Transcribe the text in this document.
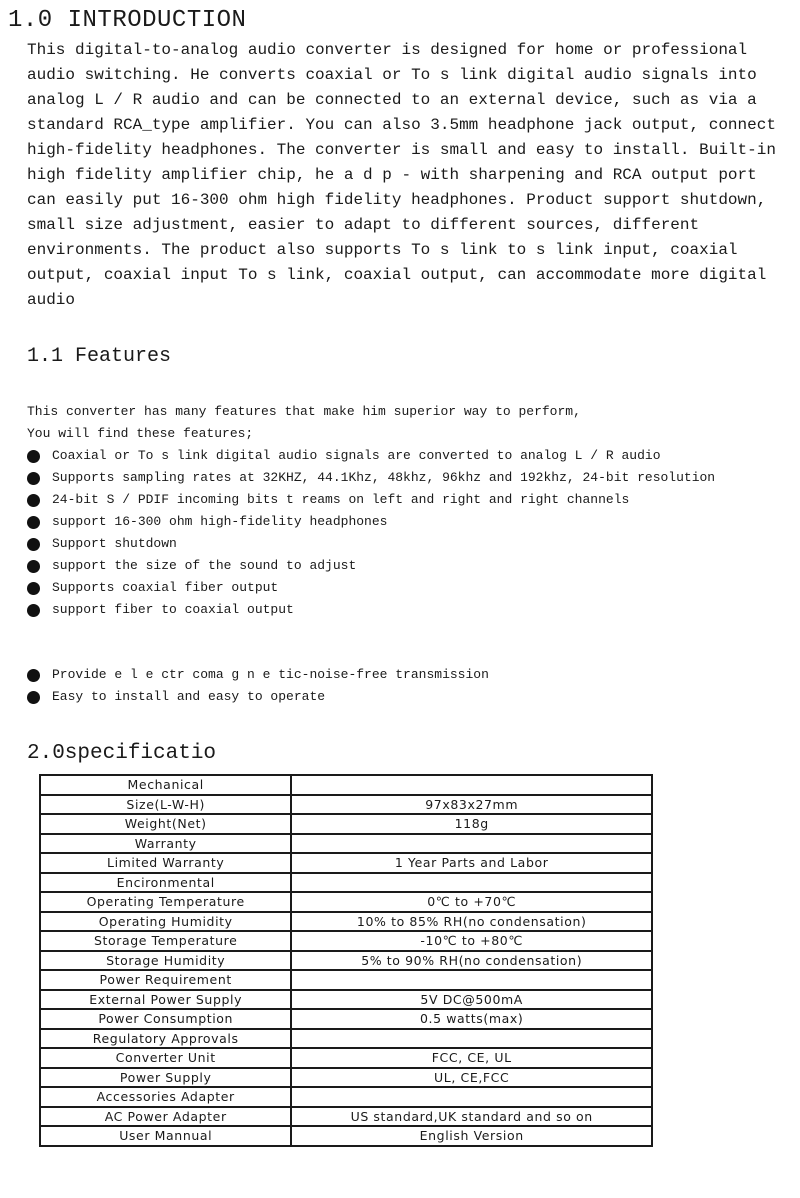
1.0 INTRODUCTION
This digital-to-analog audio converter is designed for home or professional
audio switching. He converts coaxial or To s link digital audio signals into
analog L / R audio and can be connected to an external device, such as via a
standard RCA_type amplifier. You can also 3.5mm headphone jack output, connect
high-fidelity headphones. The converter is small and easy to install. Built-in
high fidelity amplifier chip, he a d p - with sharpening and RCA output port
can easily put 16-300 ohm high fidelity headphones. Product support shutdown,
small size adjustment, easier to adapt to different sources, different
environments. The product also supports To s link to s link input, coaxial
output, coaxial input To s link, coaxial output, can accommodate more digital
audio
1.1 Features
This converter has many features that make him superior way to perform,
You will find these features;
Coaxial or To s link digital audio signals are converted to analog L / R audio
Supports sampling rates at 32KHZ, 44.1Khz, 48khz, 96khz and 192khz, 24-bit resolution
24-bit S / PDIF incoming bits t reams on left and right and right channels
support 16-300 ohm high-fidelity headphones
Support shutdown
support the size of the sound to adjust
Supports coaxial fiber output
support fiber to coaxial output
Provide e l e ctr coma g n e tic-noise-free transmission
Easy to install and easy to operate
2.0specificatio
Mechanical	
Size(L-W-H)	97x83x27mm
Weight(Net)	118g
Warranty	
Limited Warranty	1 Year Parts and Labor
Encironmental	
Operating Temperature	0℃ to +70℃
Operating Humidity	10% to 85% RH(no condensation)
Storage Temperature	-10℃ to +80℃
Storage Humidity	5% to 90% RH(no condensation)
Power Requirement	
External Power Supply	5V DC@500mA
Power Consumption	0.5 watts(max)
Regulatory Approvals	
Converter Unit	FCC, CE, UL
Power Supply	UL, CE,FCC
Accessories Adapter	
AC Power Adapter	US standard,UK standard and so on
User Mannual	English Version
